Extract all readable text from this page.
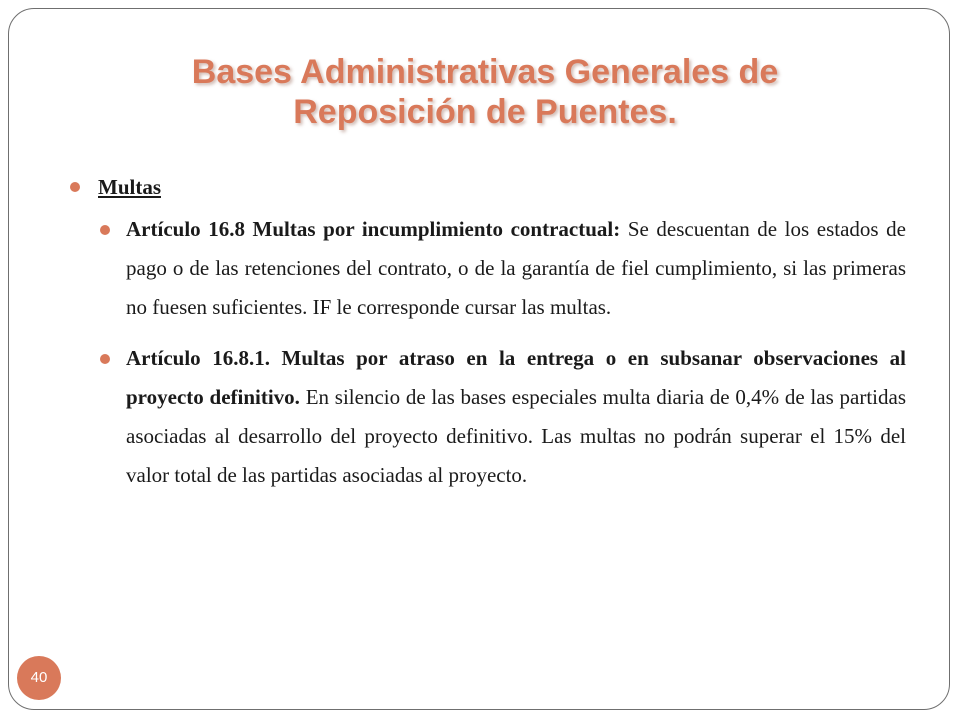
Bases Administrativas Generales de Reposición de Puentes.

Multas

Artículo 16.8 Multas por incumplimiento contractual: Se descuentan de los estados de pago o de las retenciones del contrato, o de la garantía de fiel cumplimiento, si las primeras no fuesen suficientes. IF le corresponde cursar las multas.

Artículo 16.8.1. Multas por atraso en la entrega o en subsanar observaciones al proyecto definitivo. En silencio de las bases especiales multa diaria de 0,4% de las partidas asociadas al desarrollo del proyecto definitivo. Las multas no podrán superar el 15% del valor total de las partidas asociadas al proyecto.

40
